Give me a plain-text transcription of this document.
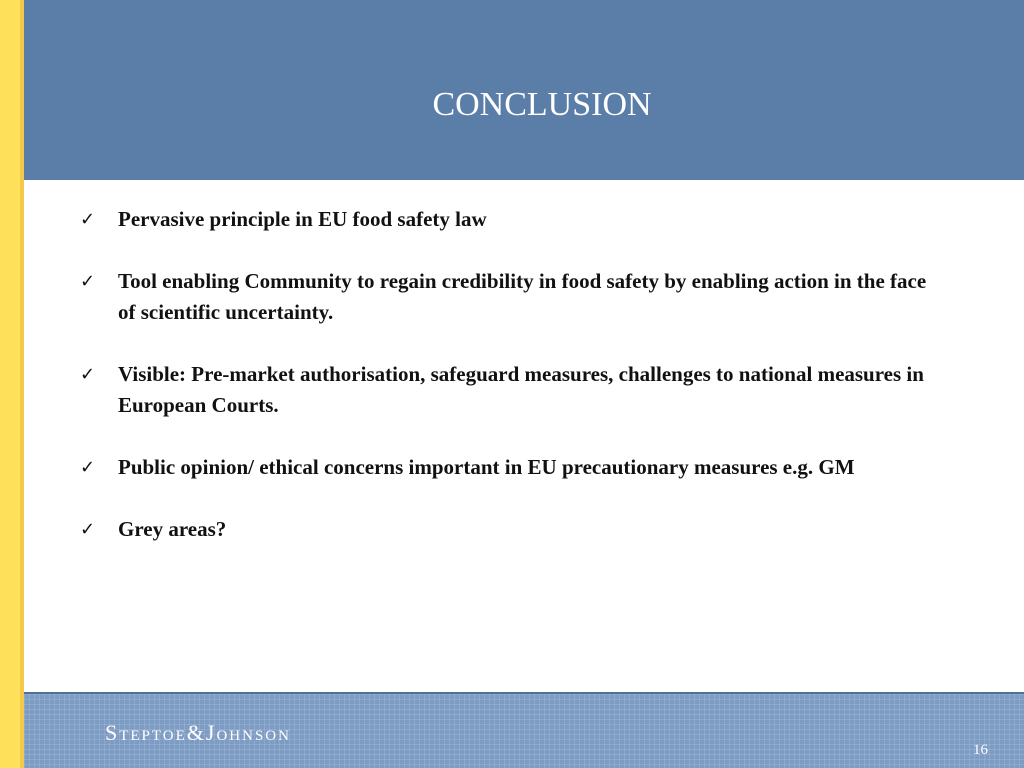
CONCLUSION

✓ Pervasive principle in EU food safety law

✓ Tool enabling Community to regain credibility in food safety by enabling action in the face of scientific uncertainty.

✓ Visible: Pre-market authorisation, safeguard measures, challenges to national measures in European Courts.

✓ Public opinion/ ethical concerns important in EU precautionary measures e.g. GM

✓ Grey areas?

Steptoe&Johnson
16
